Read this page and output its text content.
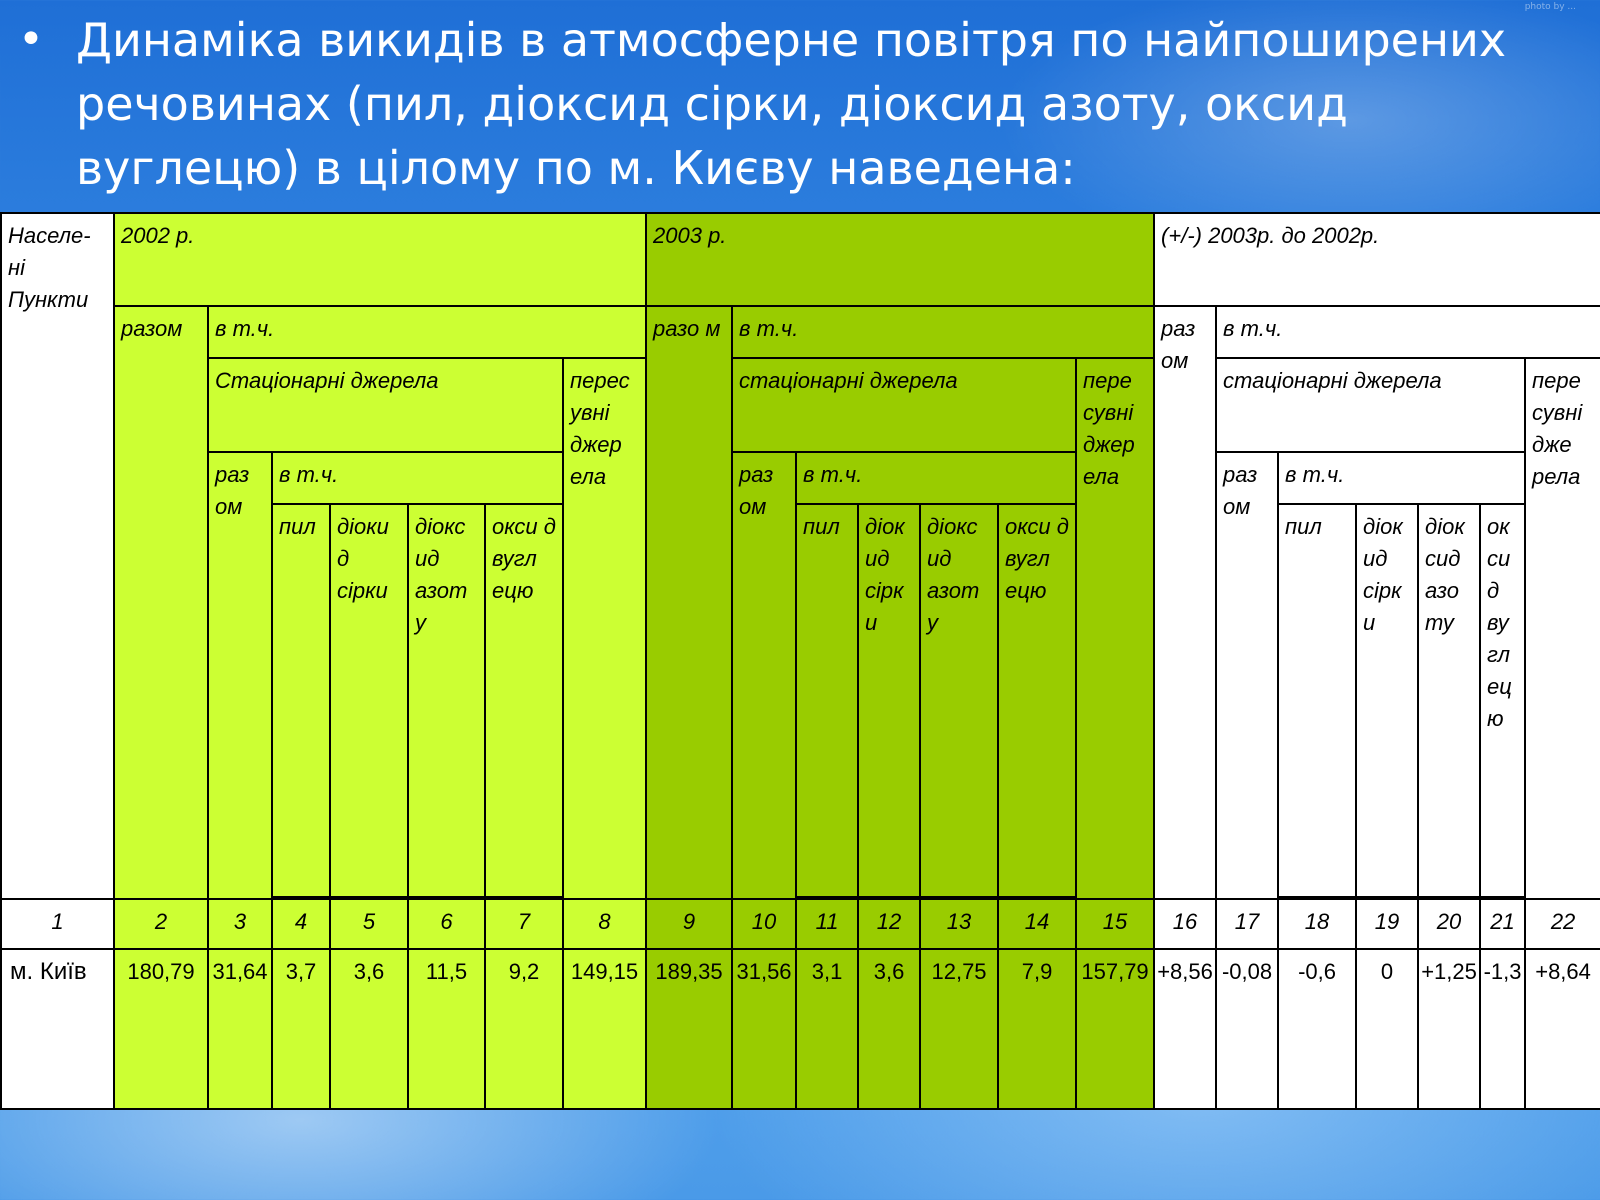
photo by ...
• Динаміка викидів в атмосферне повітря по найпоширених речовинах (пил, діоксид сірки, діоксид азоту, оксид вуглецю) в цілому по м. Києву наведена:
Населе-ні Пункти	2002 р.							2003 р.							(+/-) 2003р. до 2002р.						
	разом	в т.ч.						разо м	в т.ч.						раз ом	в т.ч.					
		Стаціонарні джерела					перес увні джер ела		стаціонарні джерела					пере сувні джер ела		стаціонарні джерела					пере сувні дже рела
		раз ом	в т.ч.						раз ом	в т.ч.						раз ом	в т.ч.				
			пил	діоки д сірки	діокс ид азот у	окси д вугл ецю				пил	діок ид сірк и	діокс ид азот у	окси д вугл ецю				пил	діок ид сірк и	діок сид азо ту	ок си д ву гл ец ю	

1	2	3	4	5	6	7	8	9	10	11	12	13	14	15	16	17	18	19	20	21	22
м. Київ	180,79	31,64	3,7	3,6	11,5	9,2	149,15	189,35	31,56	3,1	3,6	12,75	7,9	157,79	+8,56	-0,08	-0,6	0	+1,25	-1,3	+8,64
